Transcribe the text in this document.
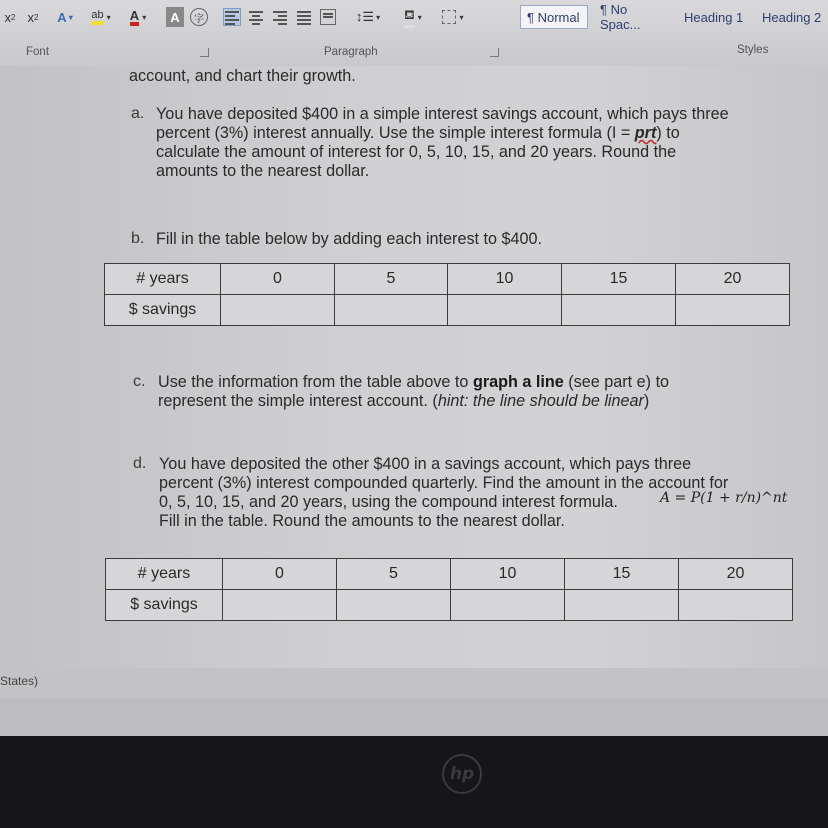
x 2 x 2 A ▾ ab ▾ A ▾ A	字	↕☰ ▾ ⛾ ▾	▾	¶ Normal ¶ No Spac...	Heading 1 Heading 2
Font	Paragraph	Styles
account, and chart their growth.
a. You have deposited $400 in a simple interest savings account, which pays three
percent (3%) interest annually. Use the simple interest formula (I = prt) to
calculate the amount of interest for 0, 5, 10, 15, and 20 years. Round the
amounts to the nearest dollar.
b. Fill in the table below by adding each interest to $400.
# years	0	5	10	15	20
$ savings					
c. Use the information from the table above to graph a line (see part e) to
represent the simple interest account. (hint: the line should be linear)
d. You have deposited the other $400 in a savings account, which pays three
percent (3%) interest compounded quarterly. Find the amount in the account for
0, 5, 10, 15, and 20 years, using the compound interest formula.	A = P(1 + r/n)^nt
Fill in the table. Round the amounts to the nearest dollar.
# years	0	5	10	15	20
$ savings					
States)
hp
